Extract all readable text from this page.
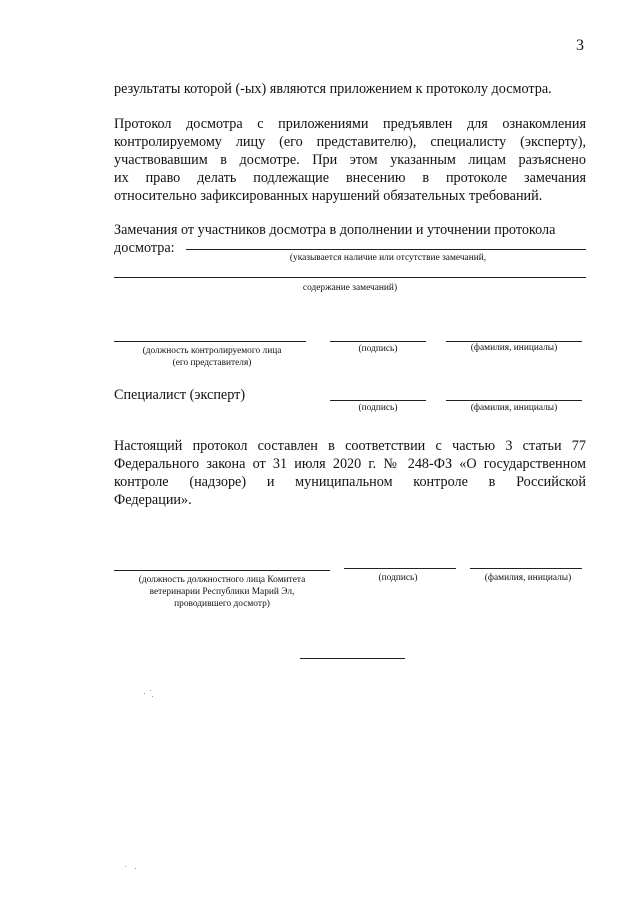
3
результаты которой (-ых) являются приложением к протоколу досмотра.
Протокол досмотра с приложениями предъявлен для ознакомления
контролируемому лицу (его представителю), специалисту (эксперту),
участвовавшим в досмотре. При этом указанным лицам разъяснено
их право делать подлежащие внесению в протоколе замечания
относительно зафиксированных нарушений обязательных требований.
Замечания от участников досмотра в дополнении и уточнении протокола
досмотра:
(указывается наличие или отсутствие замечаний,
содержание замечаний)
(должность контролируемого лица
(его представителя)
(подпись)	(фамилия, инициалы)
Специалист (эксперт)
(подпись)	(фамилия, инициалы)
Настоящий протокол составлен в соответствии с частью 3 статьи 77
Федерального закона от 31 июля 2020 г. № 248-ФЗ «О государственном
контроле (надзоре) и муниципальном контроле в Российской
Федерации».
(должность должностного лица Комитета
ветеринарии Республики Марий Эл,
проводившего досмотр)
(подпись)	(фамилия, инициалы)
